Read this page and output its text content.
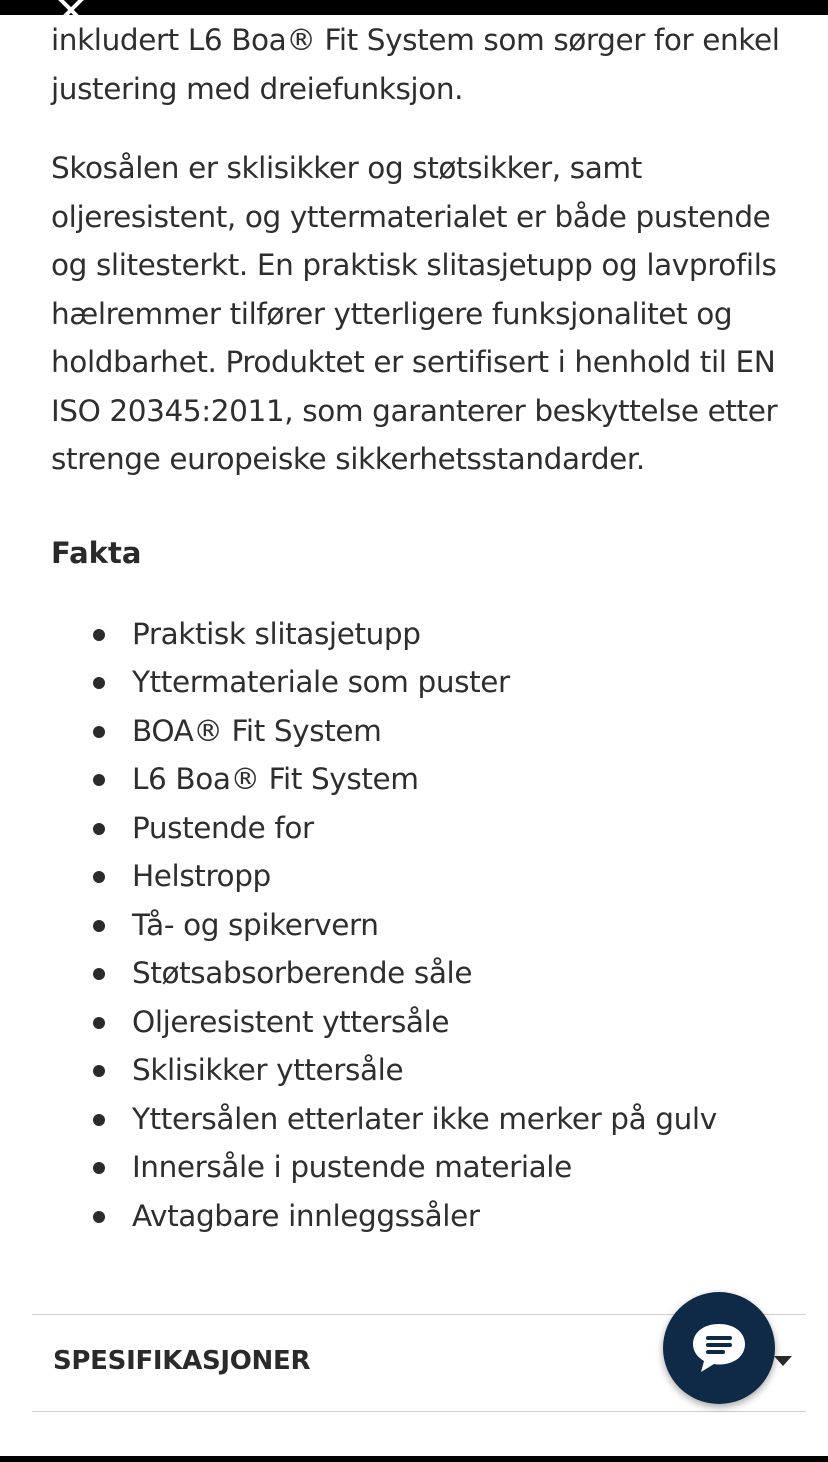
inkludert L6 Boa® Fit System som sørger for enkel justering med dreiefunksjon.

Skosålen er sklisikker og støtsikker, samt oljeresistent, og yttermaterialet er både pustende og slitesterkt. En praktisk slitasjetupp og lavprofils hælremmer tilfører ytterligere funksjonalitet og holdbarhet. Produktet er sertifisert i henhold til EN ISO 20345:2011, som garanterer beskyttelse etter strenge europeiske sikkerhetsstandarder.

Fakta
Praktisk slitasjetupp
Yttermateriale som puster
BOA® Fit System
L6 Boa® Fit System
Pustende for
Helstropp
Tå- og spikervern
Støtsabsorberende såle
Oljeresistent yttersåle
Sklisikker yttersåle
Yttersålen etterlater ikke merker på gulv
Innersåle i pustende materiale
Avtagbare innleggssåler
SPESIFIKASJONER
